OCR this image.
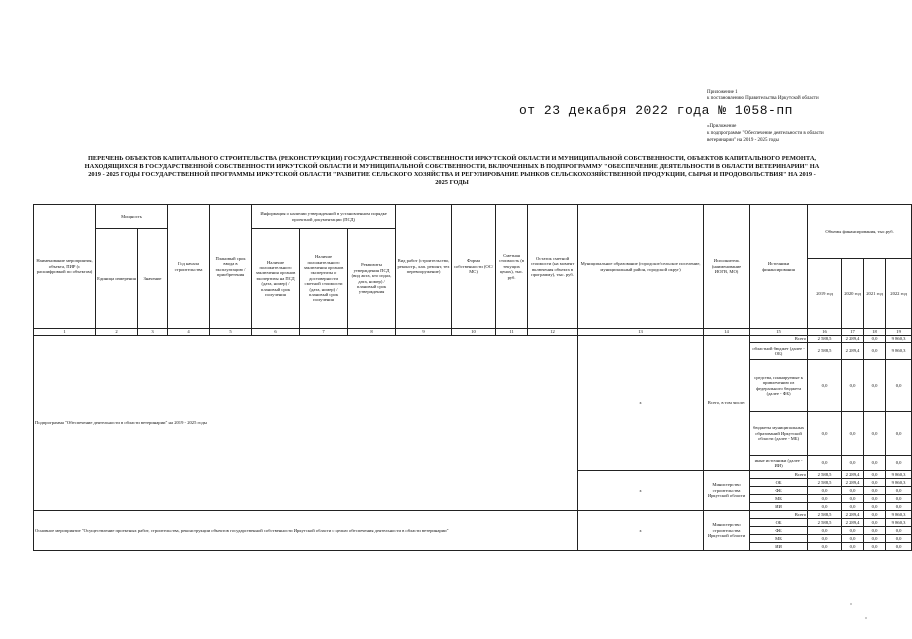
Приложение 1
к постановлению Правительства Иркутской области
от 23 декабря 2022 года № 1058-пп
«Приложение
к подпрограмме "Обеспечение деятельности в области
ветеринарии" на 2019 - 2025 годы
ПЕРЕЧЕНЬ ОБЪЕКТОВ КАПИТАЛЬНОГО СТРОИТЕЛЬСТВА (РЕКОНСТРУКЦИИ) ГОСУДАРСТВЕННОЙ СОБСТВЕННОСТИ ИРКУТСКОЙ ОБЛАСТИ И МУНИЦИПАЛЬНОЙ СОБСТВЕННОСТИ, ОБЪЕКТОВ КАПИТАЛЬНОГО РЕМОНТА,
НАХОДЯЩИХСЯ В ГОСУДАРСТВЕННОЙ СОБСТВЕННОСТИ ИРКУТСКОЙ ОБЛАСТИ И МУНИЦИПАЛЬНОЙ СОБСТВЕННОСТИ, ВКЛЮЧЕННЫХ В ПОДПРОГРАММУ "ОБЕСПЕЧЕНИЕ ДЕЯТЕЛЬНОСТИ В ОБЛАСТИ ВЕТЕРИНАРИИ" НА
2019 - 2025 ГОДЫ ГОСУДАРСТВЕННОЙ ПРОГРАММЫ ИРКУТСКОЙ ОБЛАСТИ "РАЗВИТИЕ СЕЛЬСКОГО ХОЗЯЙСТВА И РЕГУЛИРОВАНИЕ РЫНКОВ СЕЛЬСКОХОЗЯЙСТВЕННОЙ ПРОДУКЦИИ, СЫРЬЯ И ПРОДОВОЛЬСТВИЯ" НА 2019 -
2025 ГОДЫ
Наименование мероприятия, объекта, ПИР (с расшифровкой по объектам)	Мощность		Год начала строительства	Плановый срок ввода в эксплуатацию / приобретения	Информация о наличии утвержденной в установленном порядке проектной документации (ПСД)			Вид работ (строительство, реконстр., кап. ремонт, тех перевооружение)	Форма собственности (ОС/МС)	Сметная стоимость (в текущих ценах), тыс. руб.	Остаток сметной стоимости (на момент включения объекта в программу), тыс. руб.	Муниципальное образование (городское/сельское поселение, муниципальный район, городской округ)	Исполнитель (наименование ИОГВ, МО)	Источники финансирования	Объемы финансирования, тыс.руб.			
	Единица измерения	Значение			Наличие положительного заключения органов экспертизы на ПСД (дата, номер) / плановый срок получения	Наличие положительного заключения органов экспертизы о достоверности сметной стоимости (дата, номер) / плановый срок получения	Реквизиты утверждения ПСД (вид акта, кто издал, дата, номер) / плановый срок утверждения											
															2019 год	2020 год	2021 год	2022 год
1	2	3	4	5	6	7	8	9	10	11	12	13	14	15	16	17	18	19
Подпрограмма "Обеспечение деятельности в области ветеринарии" на 2019 - 2025 годы												х	Всего, в том числе:	Всего	2 588,5	2 289,4	0,0	9 860,3
														областной бюджет (далее - ОБ)	2 588,5	2 289,4	0,0	9 860,3
														средства, планируемые к привлечению из федерального бюджета (далее - ФБ)	0,0	0,0	0,0	0,0
														бюджеты муниципальных образований Иркутской области (далее - МБ)	0,0	0,0	0,0	0,0
														иные источники (далее - ИИ)	0,0	0,0	0,0	0,0
												х	Министерство строительства Иркутской области	Всего	2 588,5	2 289,4	0,0	9 860,3
														ОБ	2 588,5	2 289,4	0,0	9 860,3
														ФБ	0,0	0,0	0,0	0,0
														МБ	0,0	0,0	0,0	0,0
														ИИ	0,0	0,0	0,0	0,0
Основное мероприятие "Осуществление проектных работ, строительства, реконструкции объектов государственной собственности Иркутской области с целью обеспечения деятельности в области ветеринарии"												х	Министерство строительства Иркутской области	Всего	2 588,5	2 289,4	0,0	9 860,3
														ОБ	2 588,5	2 289,4	0,0	9 860,3
														ФБ	0,0	0,0	0,0	0,0
														МБ	0,0	0,0	0,0	0,0
														ИИ	0,0	0,0	0,0	0,0
